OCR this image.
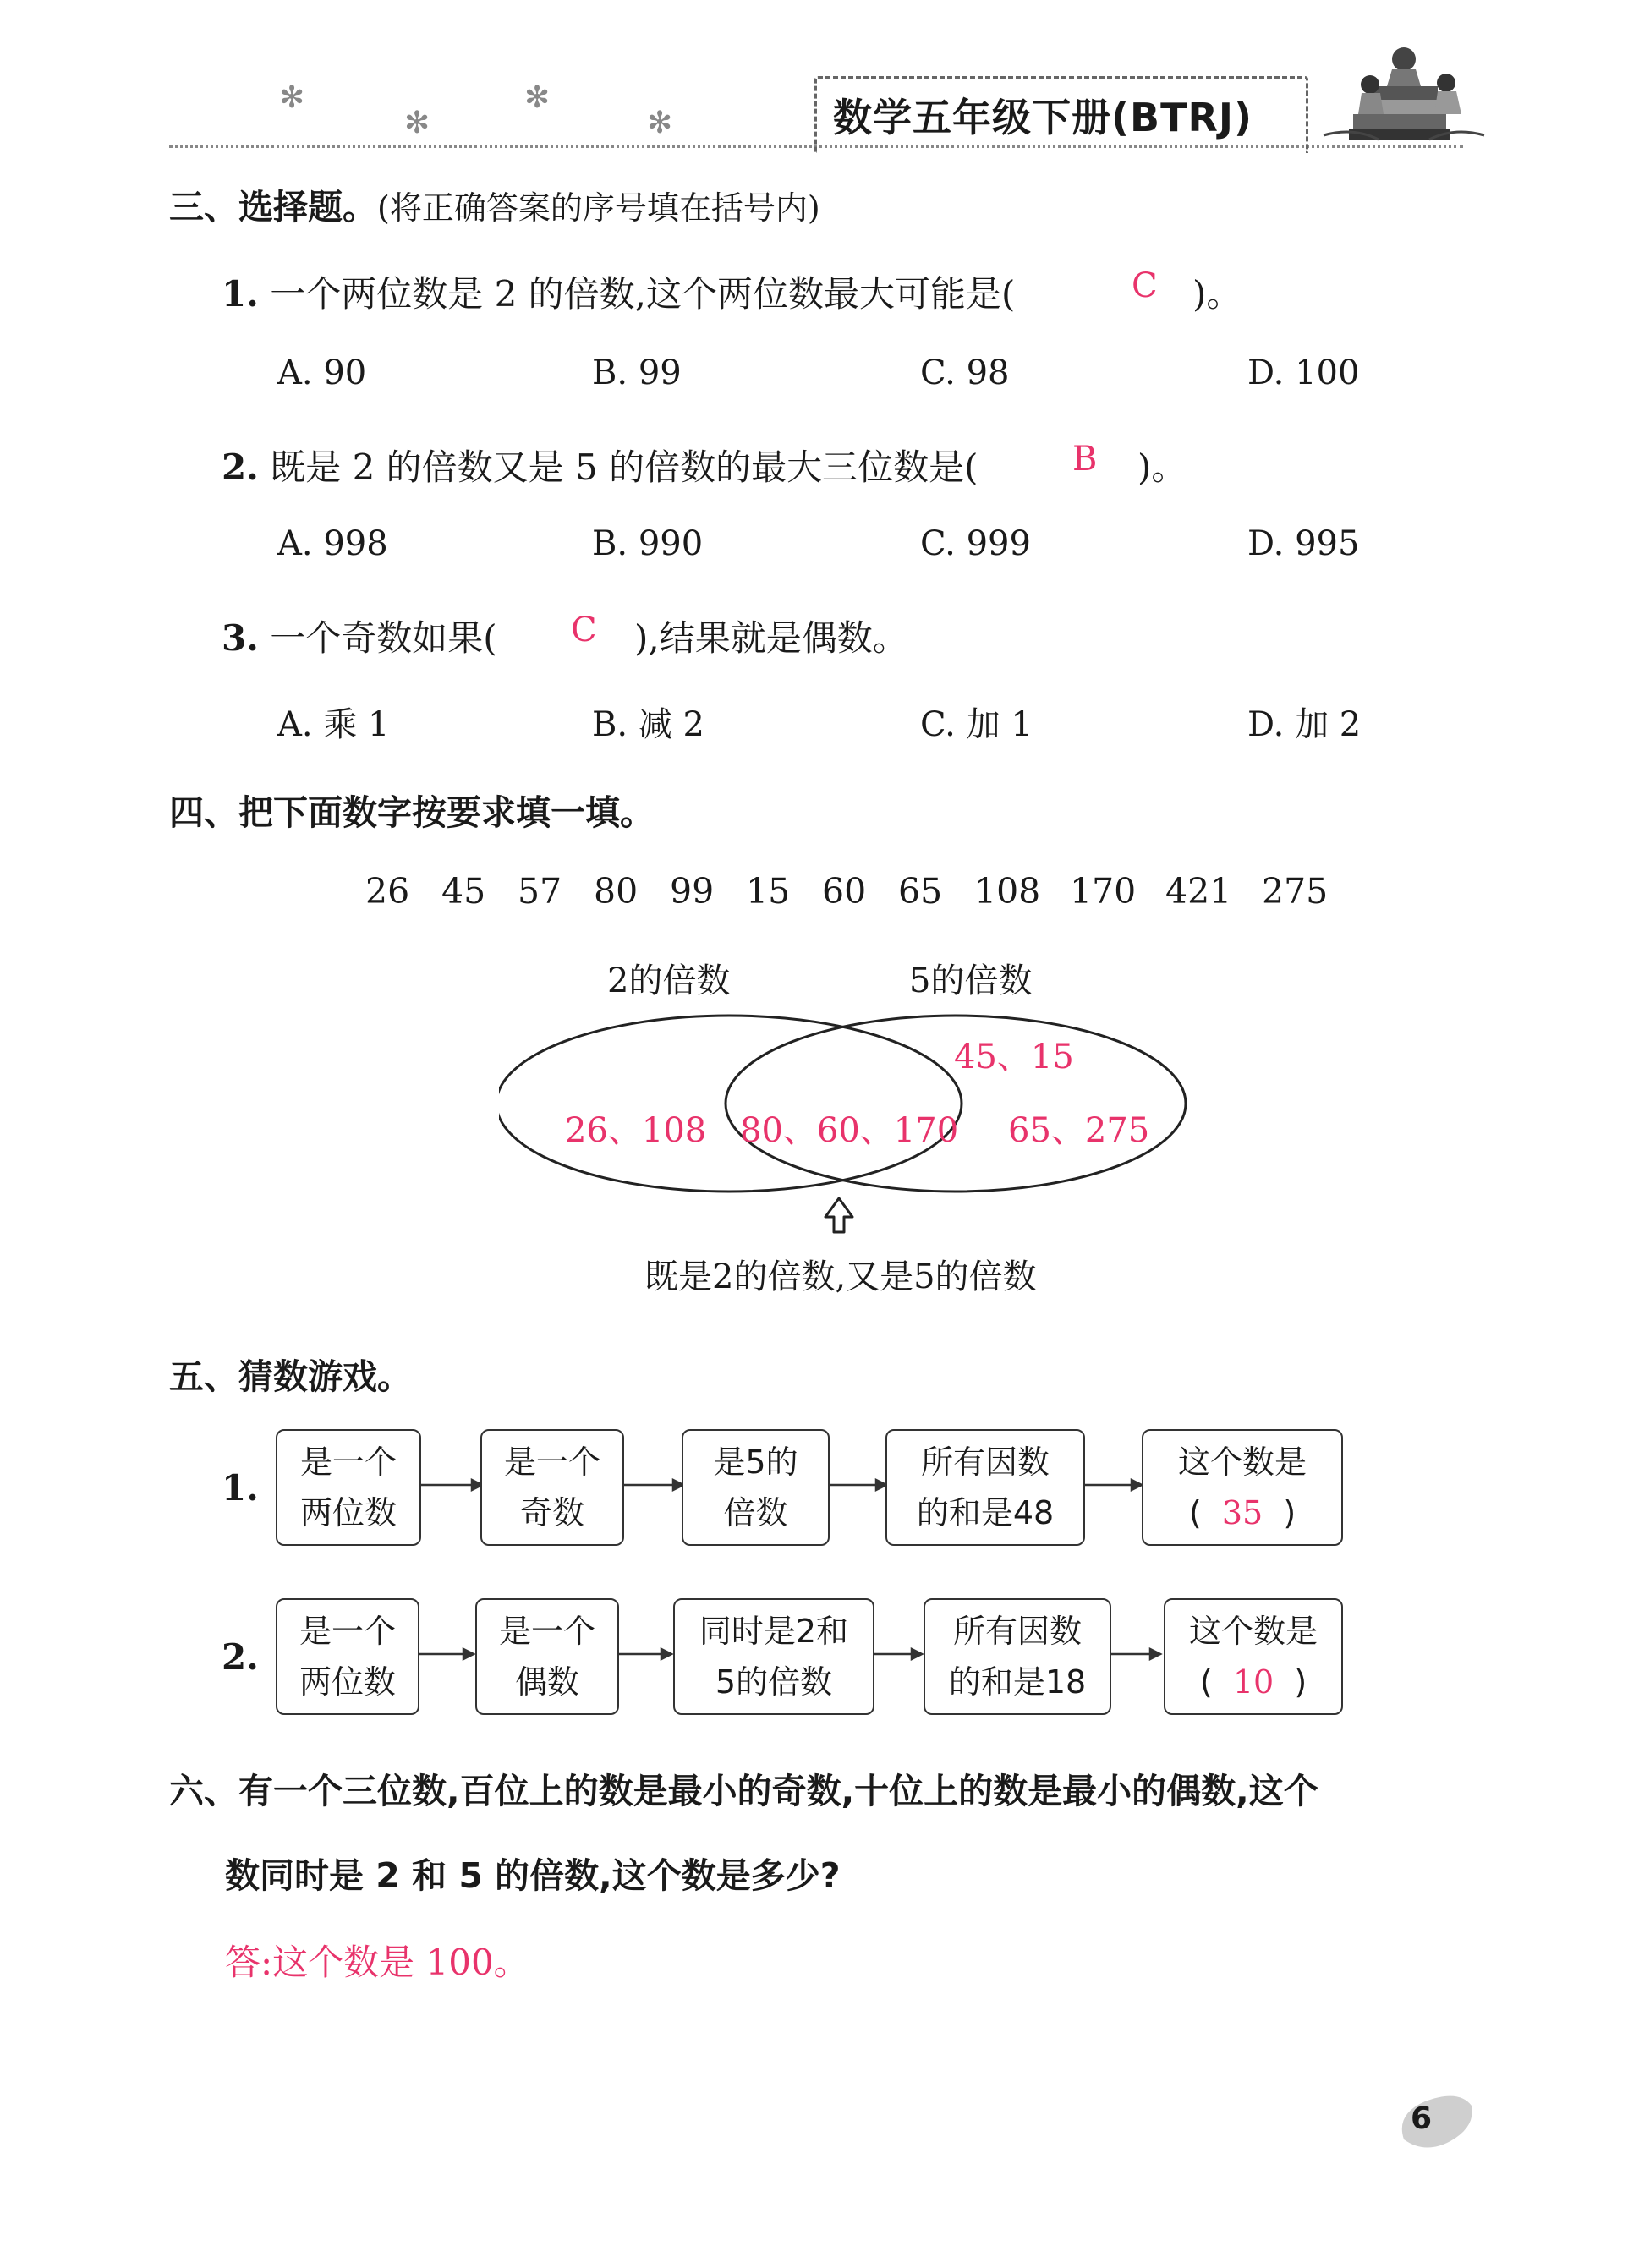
✻
✻
✻
✻	数学五年级下册(BTRJ)
三、选择题。(将正确答案的序号填在括号内)
1. 一个两位数是 2 的倍数,这个两位数最大可能是(	C )。
A. 90	B. 99	C. 98	D. 100
2. 既是 2 的倍数又是 5 的倍数的最大三位数是(	B )。
A. 998	B. 990	C. 999	D. 995
3. 一个奇数如果( C ),结果就是偶数。
A. 乘 1	B. 减 2	C. 加 1	D. 加 2
四、把下面数字按要求填一填。
26 45 57 80 99 15 60 65 108 170 421 275
2的倍数	5的倍数
45、15
26、108 80、60、170 65、275
既是2的倍数,又是5的倍数
五、猜数游戏。
1.
是一个
两位数
是一个
奇数
是5的
倍数
所有因数
的和是48
这个数是
( 35 )
2.
是一个
两位数
是一个
偶数
同时是2和
5的倍数
所有因数
的和是18
这个数是
( 10 )
六、有一个三位数,百位上的数是最小的奇数,十位上的数是最小的偶数,这个
数同时是 2 和 5 的倍数,这个数是多少?
答:这个数是 100。
6
